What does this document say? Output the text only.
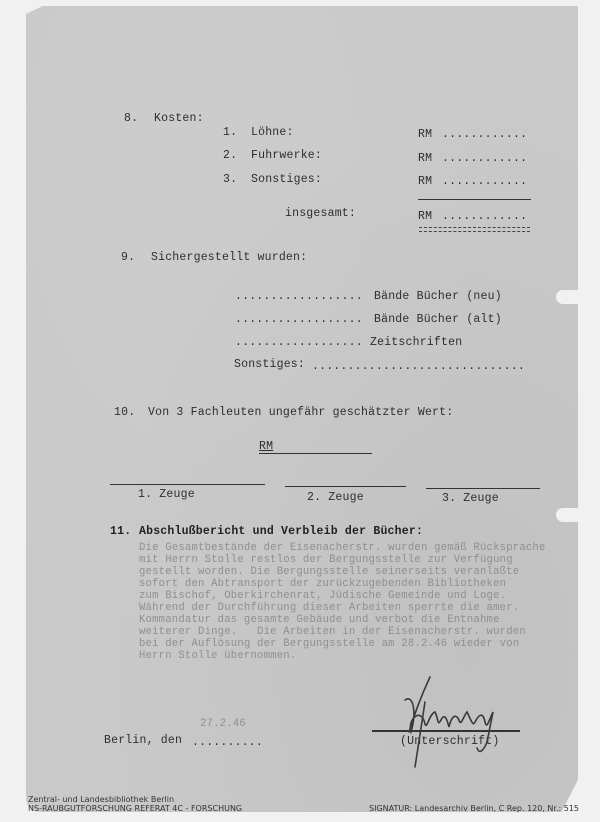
8. Kosten:
1. Löhne:	RM ............
2. Fuhrwerke:	RM ............
3. Sonstiges:	RM ............
insgesamt:	RM ............
9. Sichergestellt wurden:
.................. Bände Bücher (neu)
.................. Bände Bücher (alt)
.................. Zeitschriften
Sonstiges: ..............................
10. Von 3 Fachleuten ungefähr geschätzter Wert:
RM
1. Zeuge	2. Zeuge	3. Zeuge
11. Abschlußbericht und Verbleib der Bücher:
Die Gesamtbestände der Eisenacherstr. wurden gemäß Rücksprache
mit Herrn Stolle restlos der Bergungsstelle zur Verfügung
gestellt worden. Die Bergungsstelle seinerseits veranlaßte
sofort den Abtransport der zurückzugebenden Bibliotheken
zum Bischof, Oberkirchenrat, Jüdische Gemeinde und Loge.
Während der Durchführung dieser Arbeiten sperrte die amer.
Kommandatur das gesamte Gebäude und verbot die Entnahme
weiterer Dinge.   Die Arbeiten in der Eisenacherstr. wurden
bei der Auflösung der Bergungsstelle am 28.2.46 wieder von
Herrn Stolle übernommen.
27.2.46
Berlin, den ..........	(Unterschrift)
Zentral- und Landesbibliothek Berlin
NS-RAUBGUTFORSCHUNG REFERAT 4C - FORSCHUNG	SIGNATUR: Landesarchiv Berlin, C Rep. 120, Nr.: 515
